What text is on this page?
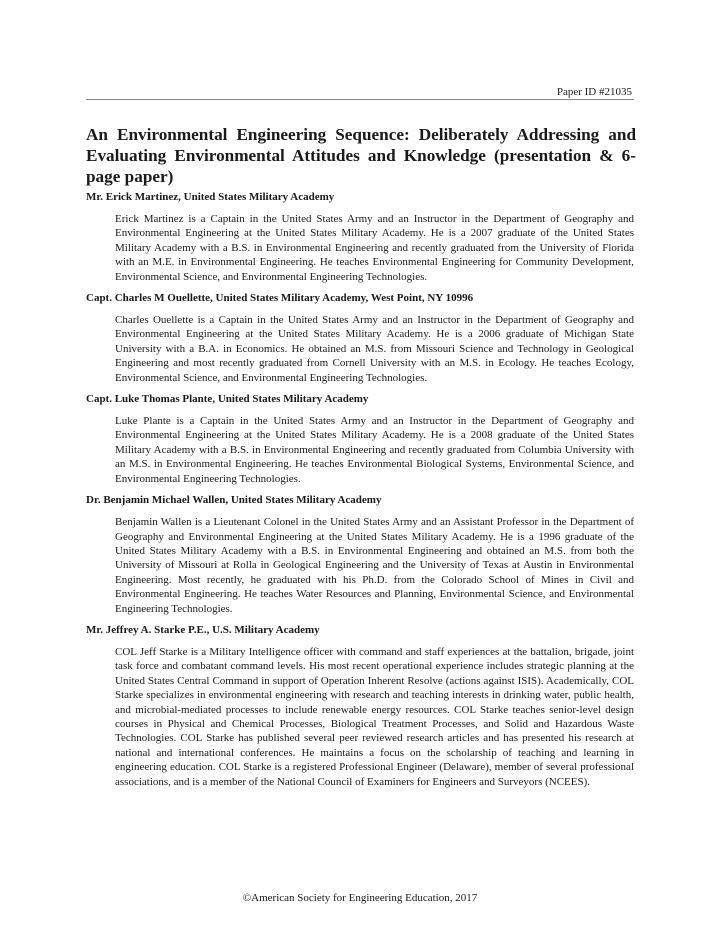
Paper ID #21035
An Environmental Engineering Sequence: Deliberately Addressing and Evaluating Environmental Attitudes and Knowledge (presentation & 6-page paper)
Mr. Erick Martinez, United States Military Academy
Erick Martinez is a Captain in the United States Army and an Instructor in the Department of Geography and Environmental Engineering at the United States Military Academy. He is a 2007 graduate of the United States Military Academy with a B.S. in Environmental Engineering and recently graduated from the University of Florida with an M.E. in Environmental Engineering. He teaches Environmental Engineering for Community Development, Environmental Science, and Environmental Engineering Technologies.
Capt. Charles M Ouellette, United States Military Academy, West Point, NY 10996
Charles Ouellette is a Captain in the United States Army and an Instructor in the Department of Geography and Environmental Engineering at the United States Military Academy. He is a 2006 graduate of Michigan State University with a B.A. in Economics. He obtained an M.S. from Missouri Science and Technology in Geological Engineering and most recently graduated from Cornell University with an M.S. in Ecology. He teaches Ecology, Environmental Science, and Environmental Engineering Technologies.
Capt. Luke Thomas Plante, United States Military Academy
Luke Plante is a Captain in the United States Army and an Instructor in the Department of Geography and Environmental Engineering at the United States Military Academy. He is a 2008 graduate of the United States Military Academy with a B.S. in Environmental Engineering and recently graduated from Columbia University with an M.S. in Environmental Engineering. He teaches Environmental Biological Systems, Environmental Science, and Environmental Engineering Technologies.
Dr. Benjamin Michael Wallen, United States Military Academy
Benjamin Wallen is a Lieutenant Colonel in the United States Army and an Assistant Professor in the Department of Geography and Environmental Engineering at the United States Military Academy. He is a 1996 graduate of the United States Military Academy with a B.S. in Environmental Engineering and obtained an M.S. from both the University of Missouri at Rolla in Geological Engineering and the University of Texas at Austin in Environmental Engineering. Most recently, he graduated with his Ph.D. from the Colorado School of Mines in Civil and Environmental Engineering. He teaches Water Resources and Planning, Environmental Science, and Environmental Engineering Technologies.
Mr. Jeffrey A. Starke P.E., U.S. Military Academy
COL Jeff Starke is a Military Intelligence officer with command and staff experiences at the battalion, brigade, joint task force and combatant command levels. His most recent operational experience includes strategic planning at the United States Central Command in support of Operation Inherent Resolve (actions against ISIS). Academically, COL Starke specializes in environmental engineering with research and teaching interests in drinking water, public health, and microbial-mediated processes to include renewable energy resources. COL Starke teaches senior-level design courses in Physical and Chemical Processes, Biological Treatment Processes, and Solid and Hazardous Waste Technologies. COL Starke has published several peer reviewed research articles and has presented his research at national and international conferences. He maintains a focus on the scholarship of teaching and learning in engineering education. COL Starke is a registered Professional Engineer (Delaware), member of several professional associations, and is a member of the National Council of Examiners for Engineers and Surveyors (NCEES).
©American Society for Engineering Education, 2017
